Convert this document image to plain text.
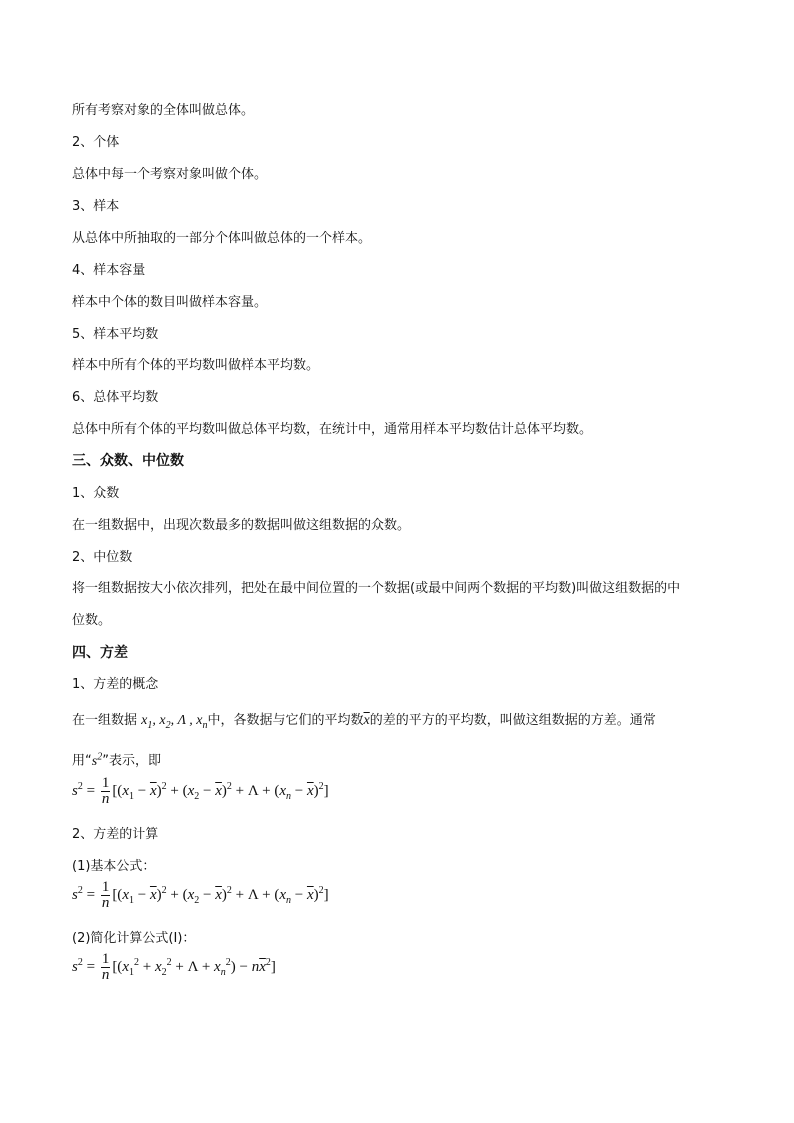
所有考察对象的全体叫做总体。
2、个体
总体中每一个考察对象叫做个体。
3、样本
从总体中所抽取的一部分个体叫做总体的一个样本。
4、样本容量
样本中个体的数目叫做样本容量。
5、样本平均数
样本中所有个体的平均数叫做样本平均数。
6、总体平均数
总体中所有个体的平均数叫做总体平均数，在统计中，通常用样本平均数估计总体平均数。
三、众数、中位数
1、众数
在一组数据中，出现次数最多的数据叫做这组数据的众数。
2、中位数
将一组数据按大小依次排列，把处在最中间位置的一个数据(或最中间两个数据的平均数)叫做这组数据的中
位数。
四、方差
1、方差的概念
在一组数据 $x_1$, $x_2$, Λ , $x_n$中，各数据与它们的平均数$\overline{x}$的差的平方的平均数，叫做这组数据的方差。通常
用“$s^2$”表示，即
$s^2 = \frac{1}{n} [(x_1 - \overline{x})^2 + (x_2 - \overline{x})^2 + \Lambda + (x_n - \overline{x})^2]$
2、方差的计算
(1)基本公式：
$s^2 = \frac{1}{n} [(x_1 - \overline{x})^2 + (x_2 - \overline{x})^2 + \Lambda + (x_n - \overline{x})^2]$
(2)简化计算公式(Ⅰ)：
$s^2 = \frac{1}{n} [(x_1^2 + x_2^2 + \Lambda + x_n^2) - n\overline{x}^2]$
